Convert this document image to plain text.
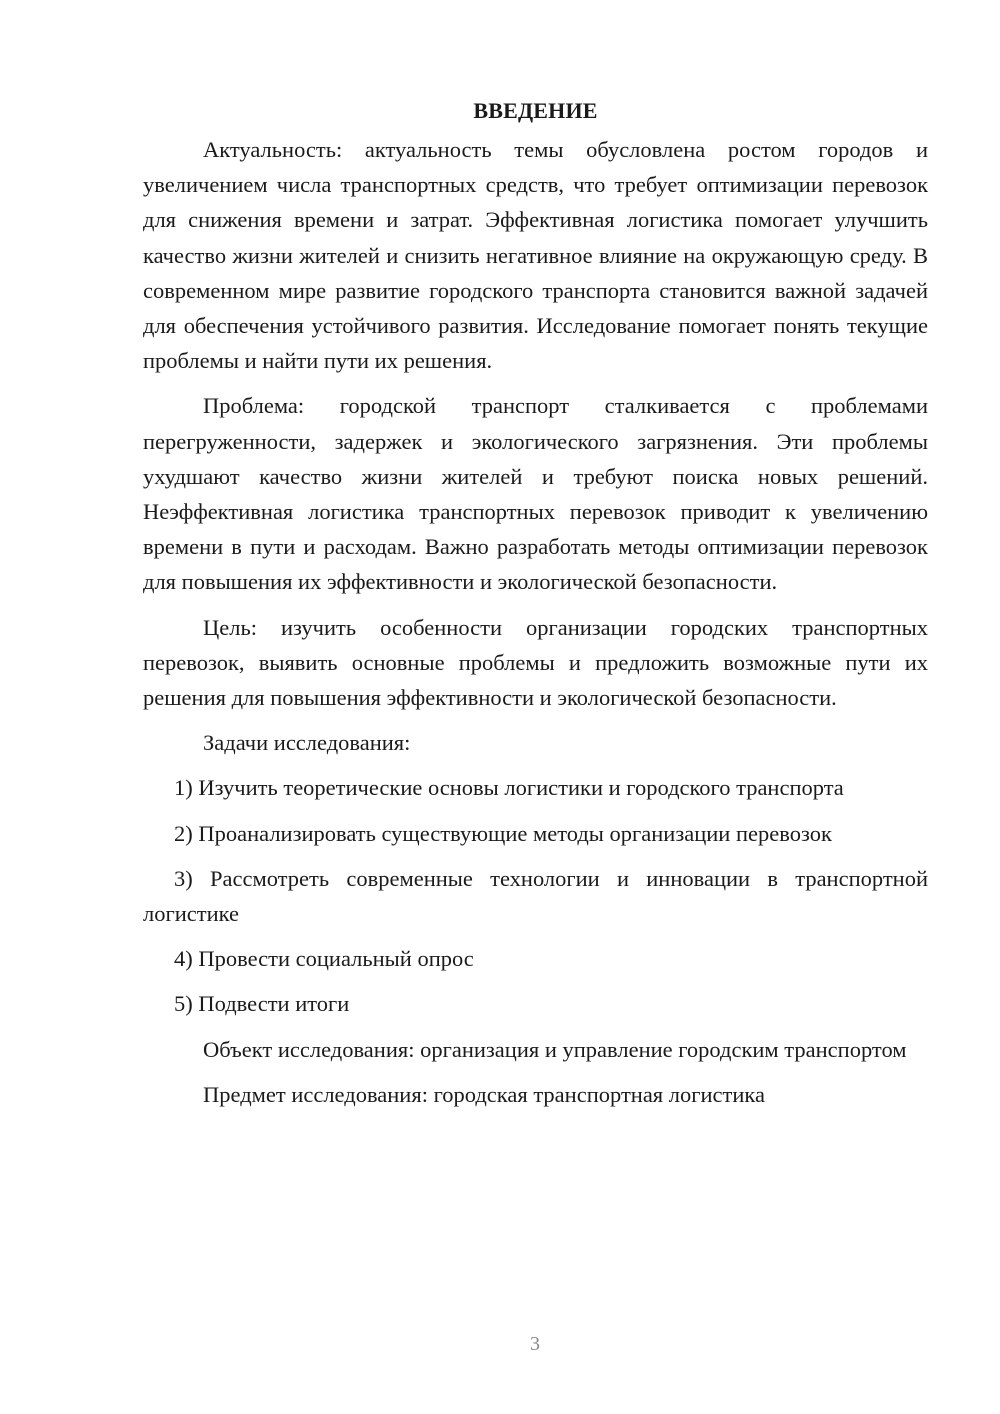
ВВЕДЕНИЕ

Актуальность: актуальность темы обусловлена ростом городов и увеличением числа транспортных средств, что требует оптимизации перевозок для снижения времени и затрат. Эффективная логистика помогает улучшить качество жизни жителей и снизить негативное влияние на окружающую среду. В современном мире развитие городского транспорта становится важной задачей для обеспечения устойчивого развития. Исследование помогает понять текущие проблемы и найти пути их решения.

Проблема: городской транспорт сталкивается с проблемами перегруженности, задержек и экологического загрязнения. Эти проблемы ухудшают качество жизни жителей и требуют поиска новых решений. Неэффективная логистика транспортных перевозок приводит к увеличению времени в пути и расходам. Важно разработать методы оптимизации перевозок для повышения их эффективности и экологической безопасности.

Цель: изучить особенности организации городских транспортных перевозок, выявить основные проблемы и предложить возможные пути их решения для повышения эффективности и экологической безопасности.

Задачи исследования:

1) Изучить теоретические основы логистики и городского транспорта

2) Проанализировать существующие методы организации перевозок

3) Рассмотреть современные технологии и инновации в транспортной логистике

4) Провести социальный опрос

5) Подвести итоги

Объект исследования: организация и управление городским транспортом

Предмет исследования: городская транспортная логистика

3
